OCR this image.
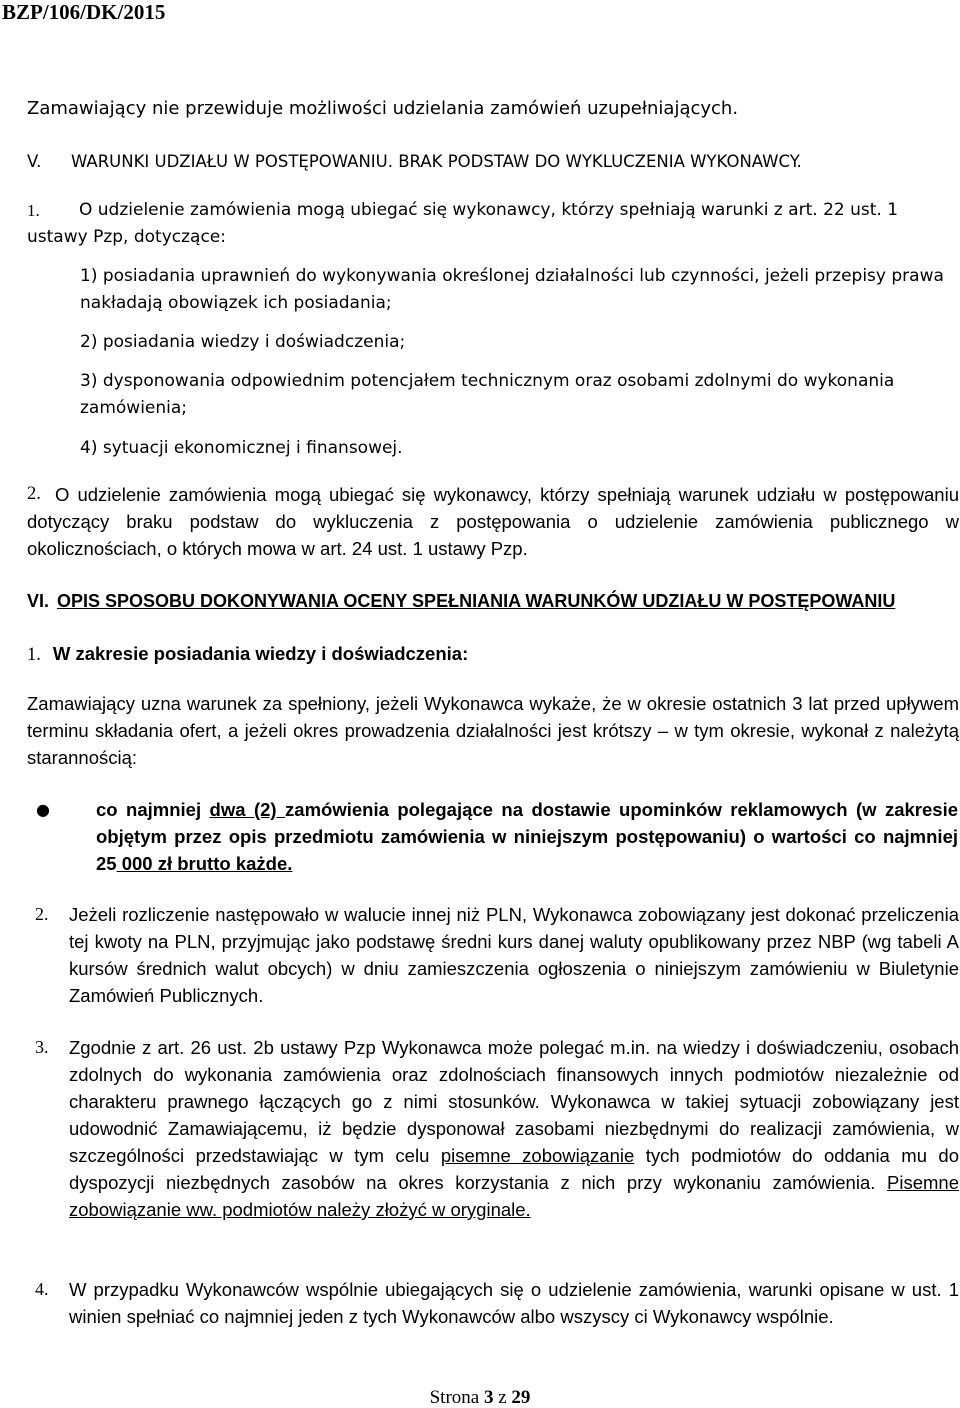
BZP/106/DK/2015
Zamawiający nie przewiduje możliwości udzielania zamówień uzupełniających.
V. WARUNKI UDZIAŁU W POSTĘPOWANIU. BRAK PODSTAW DO WYKLUCZENIA WYKONAWCY.
1.	O udzielenie zamówienia mogą ubiegać się wykonawcy, którzy spełniają warunki z art. 22 ust. 1 ustawy Pzp, dotyczące:
1) posiadania uprawnień do wykonywania określonej działalności lub czynności, jeżeli przepisy prawa nakładają obowiązek ich posiadania;
2) posiadania wiedzy i doświadczenia;
3) dysponowania odpowiednim potencjałem technicznym oraz osobami zdolnymi do wykonania zamówienia;
4) sytuacji ekonomicznej i finansowej.
2. O udzielenie zamówienia mogą ubiegać się wykonawcy, którzy spełniają warunek udziału w postępowaniu dotyczący braku podstaw do wykluczenia z postępowania o udzielenie zamówienia publicznego w okolicznościach, o których mowa w art. 24 ust. 1 ustawy Pzp.
VI. OPIS SPOSOBU DOKONYWANIA OCENY SPEŁNIANIA WARUNKÓW UDZIAŁU W POSTĘPOWANIU
1. W zakresie posiadania wiedzy i doświadczenia:
Zamawiający uzna warunek za spełniony, jeżeli Wykonawca wykaże, że w okresie ostatnich 3 lat przed upływem terminu składania ofert, a jeżeli okres prowadzenia działalności jest krótszy – w tym okresie, wykonał z należytą starannością:
● co najmniej dwa (2) zamówienia polegające na dostawie upominków reklamowych (w zakresie objętym przez opis przedmiotu zamówienia w niniejszym postępowaniu) o wartości co najmniej 25 000 zł brutto każde.
2. Jeżeli rozliczenie następowało w walucie innej niż PLN, Wykonawca zobowiązany jest dokonać przeliczenia tej kwoty na PLN, przyjmując jako podstawę średni kurs danej waluty opublikowany przez NBP (wg tabeli A kursów średnich walut obcych) w dniu zamieszczenia ogłoszenia o niniejszym zamówieniu w Biuletynie Zamówień Publicznych.
3. Zgodnie z art. 26 ust. 2b ustawy Pzp Wykonawca może polegać m.in. na wiedzy i doświadczeniu, osobach zdolnych do wykonania zamówienia oraz zdolnościach finansowych innych podmiotów niezależnie od charakteru prawnego łączących go z nimi stosunków. Wykonawca w takiej sytuacji zobowiązany jest udowodnić Zamawiającemu, iż będzie dysponował zasobami niezbędnymi do realizacji zamówienia, w szczególności przedstawiając w tym celu pisemne zobowiązanie tych podmiotów do oddania mu do dyspozycji niezbędnych zasobów na okres korzystania z nich przy wykonaniu zamówienia. Pisemne zobowiązanie ww. podmiotów należy złożyć w oryginale.
4. W przypadku Wykonawców wspólnie ubiegających się o udzielenie zamówienia, warunki opisane w ust. 1 winien spełniać co najmniej jeden z tych Wykonawców albo wszyscy ci Wykonawcy wspólnie.
Strona 3 z 29
